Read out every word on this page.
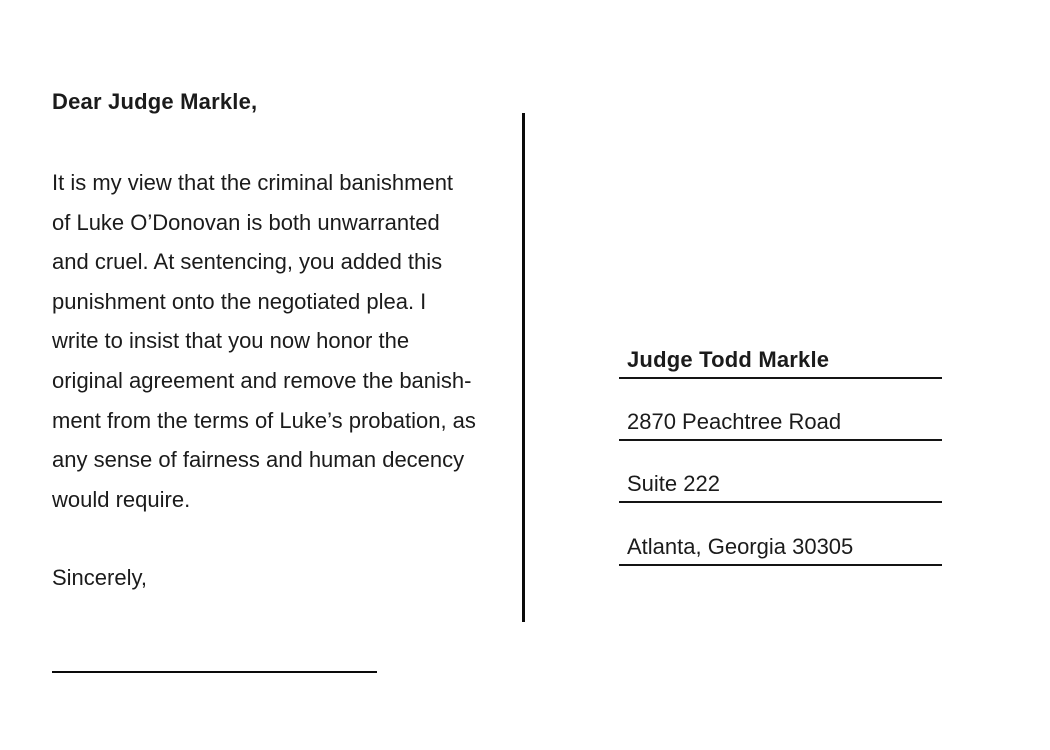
Dear Judge Markle,
It is my view that the criminal banishment
of Luke O’Donovan is both unwarranted
and cruel. At sentencing, you added this
punishment onto the negotiated plea. I
write to insist that you now honor the
original agreement and remove the banish-
ment from the terms of Luke’s probation, as
any sense of fairness and human decency
would require.
Sincerely,
Judge Todd Markle
2870 Peachtree Road
Suite 222
Atlanta, Georgia 30305
